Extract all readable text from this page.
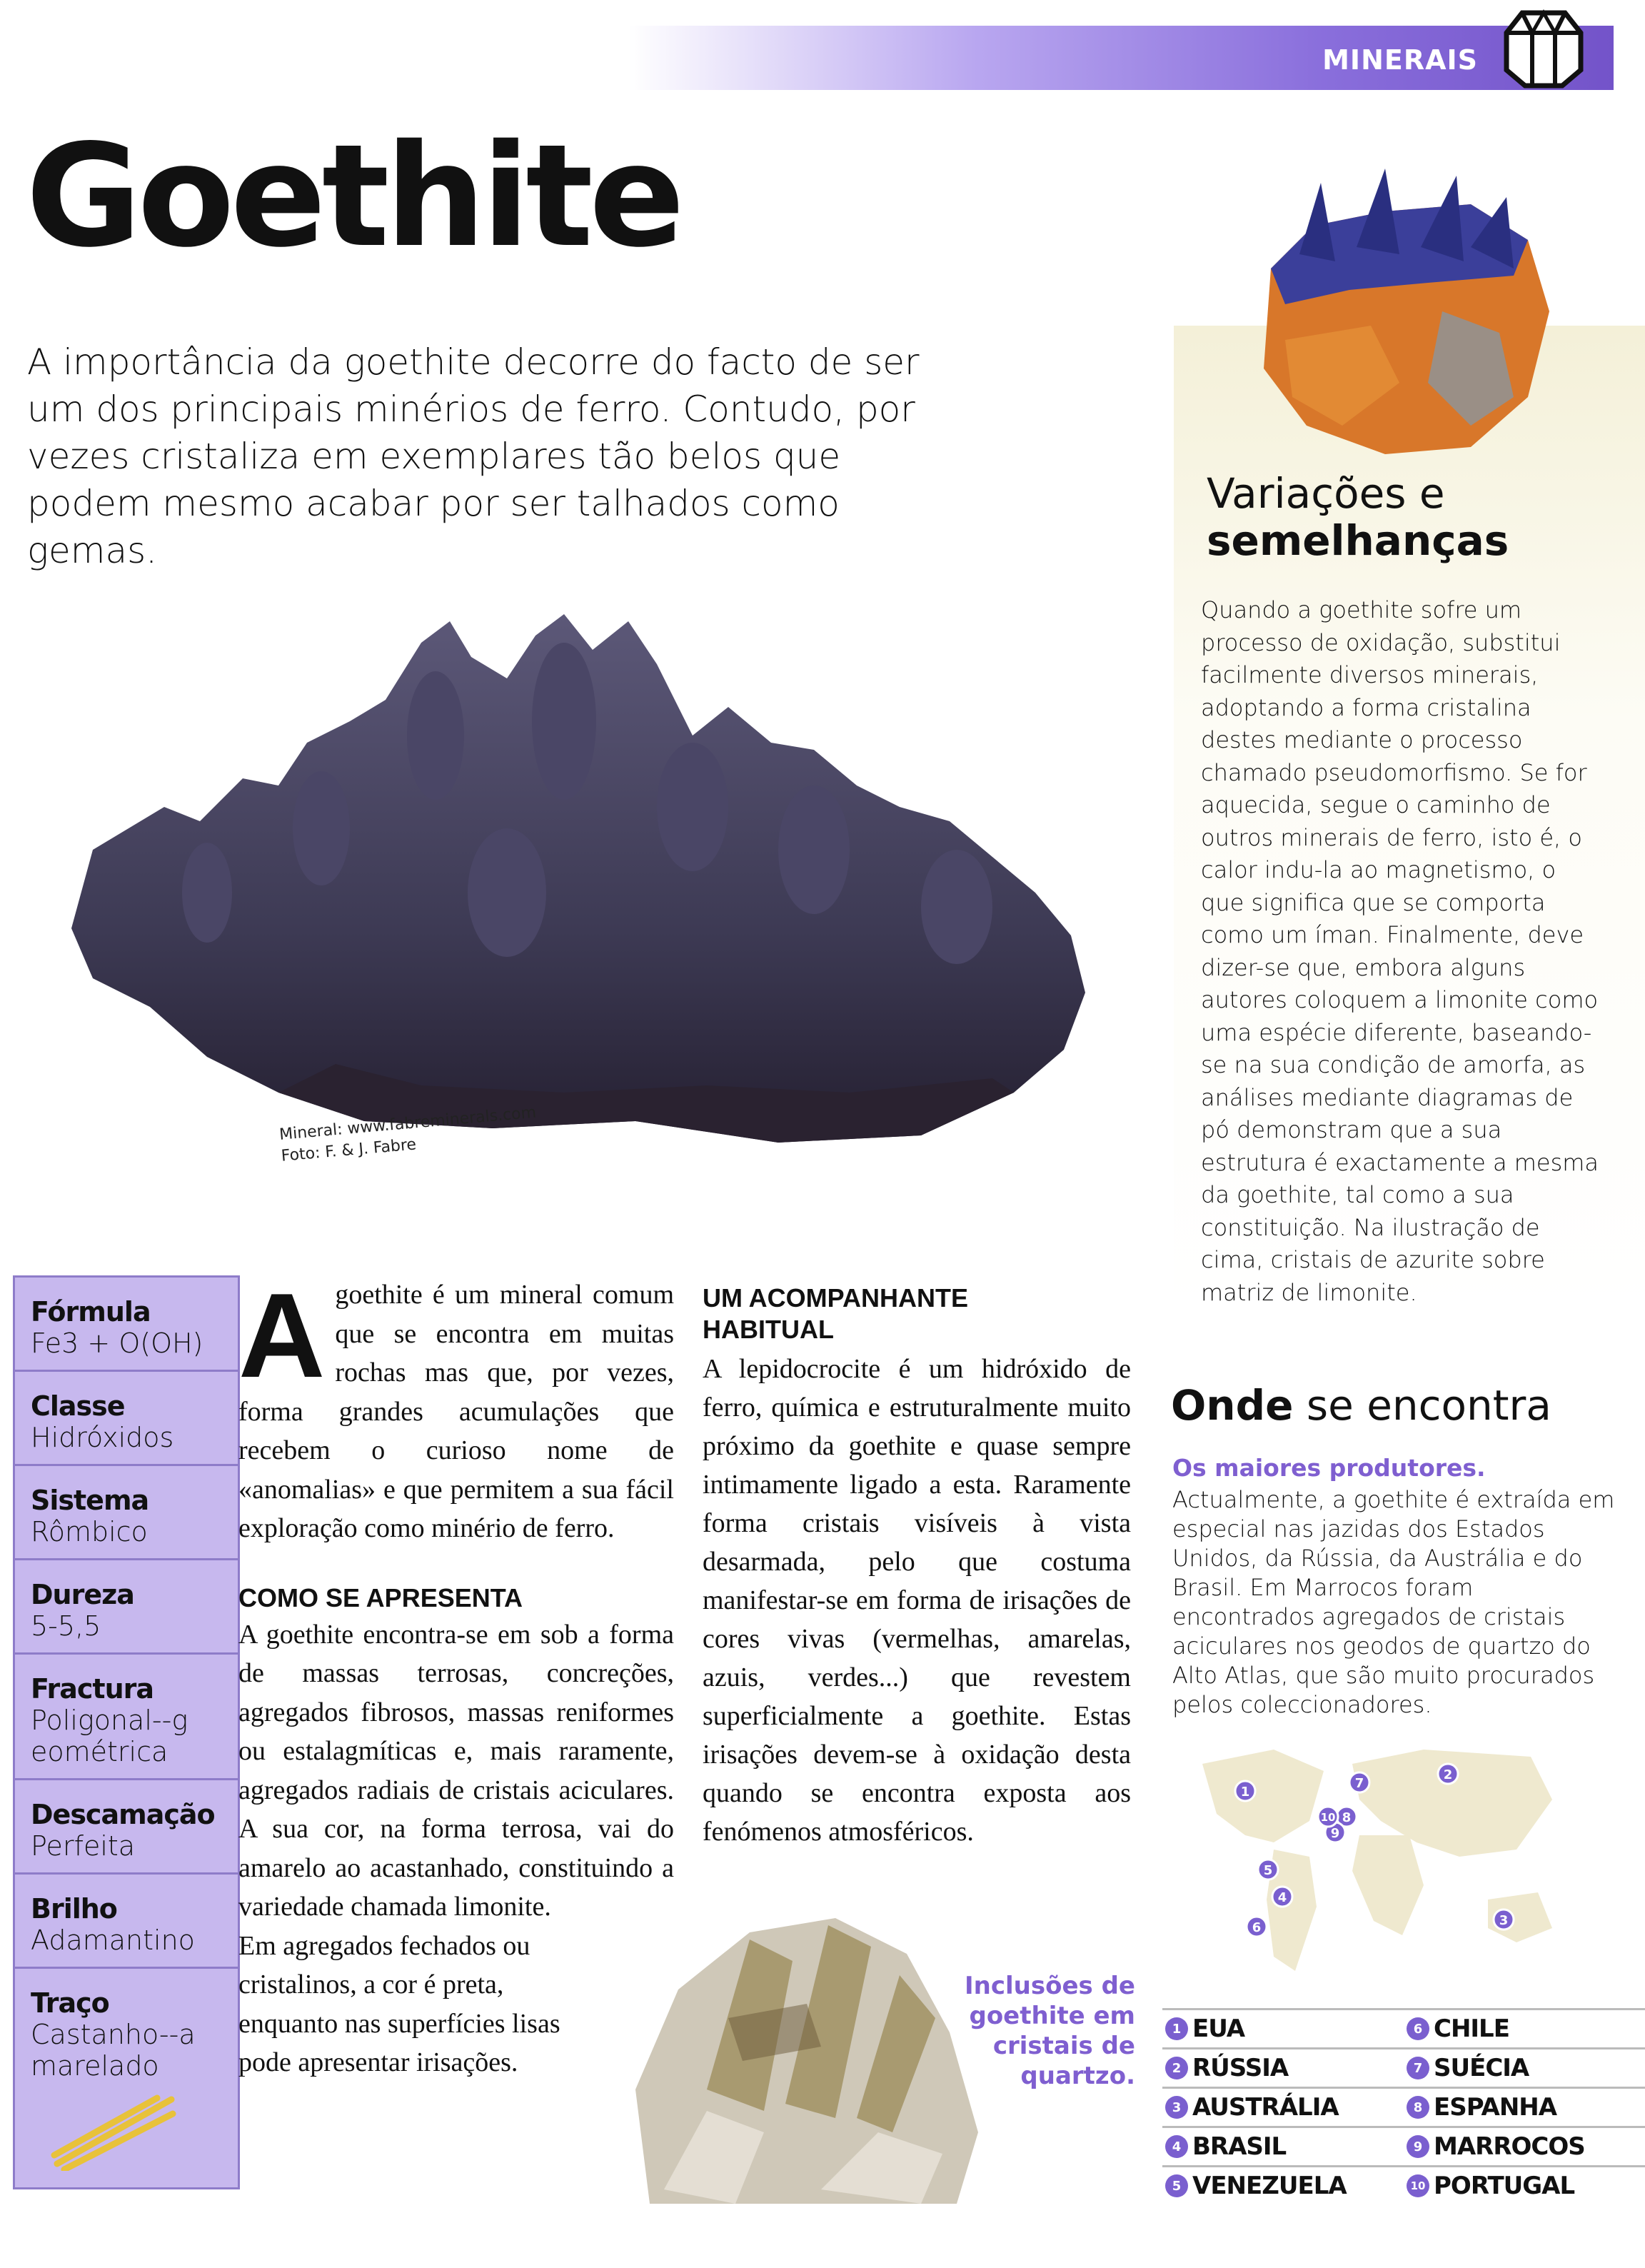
MINERAIS
Goethite

A importância da goethite decorre do facto de ser um dos principais minérios de ferro. Contudo, por vezes cristaliza em exemplares tão belos que podem mesmo acabar por ser talhados como gemas.

Mineral: www.fabreminerals.com
Foto: F. & J. Fabre
Variações e
semelhanças

Quando a goethite sofre um processo de oxidação, substitui facilmente diversos minerais, adoptando a forma cristalina destes mediante o processo chamado pseudomorfismo. Se for aquecida, segue o caminho de outros minerais de ferro, isto é, o calor indu-la ao magnetismo, o que significa que se comporta como um íman. Finalmente, deve dizer-se que, embora alguns autores coloquem a limonite como uma espécie diferente, baseando-se na sua condição de amorfa, as análises mediante diagramas de pó demonstram que a sua estrutura é exactamente a mesma da goethite, tal como a sua constituição. Na ilustração de cima, cristais de azurite sobre matriz de limonite.

Fórmula
Fe3 + O(OH)
Classe
Hidróxidos
Sistema
Rômbico
Dureza
5-5,5
Fractura
Poligonal--geométrica
Descamação
Perfeita
Brilho
Adamantino
Traço
Castanho--amarelado
A goethite é um mineral comum que se encontra em muitas rochas mas que, por vezes, forma grandes acumulações que recebem o curioso nome de «anomalias» e que permitem a sua fácil exploração como minério de ferro.

COMO SE APRESENTA

A goethite encontra-se em sob a forma de massas terrosas, concreções, agregados fibrosos, massas reniformes ou estalagmíticas e, mais raramente, agregados radiais de cristais aciculares. A sua cor, na forma terrosa, vai do amarelo ao acastanhado, constituindo a variedade chamada limonite.

Em agregados fechados ou cristalinos, a cor é preta, enquanto nas superfícies lisas pode apresentar irisações.

UM ACOMPANHANTE HABITUAL

A lepidocrocite é um hidróxido de ferro, química e estruturalmente muito próximo da goethite e quase sempre intimamente ligado a esta. Raramente forma cristais visíveis à vista desarmada, pelo que costuma manifestar-se em forma de irisações de cores vivas (vermelhas, amarelas, azuis, verdes...) que revestem superficialmente a goethite. Estas irisações devem-se à oxidação desta quando se encontra exposta aos fenómenos atmosféricos.

Inclusões de goethite em cristais de quartzo.
Onde se encontra
Os maiores produtores.

Actualmente, a goethite é extraída em especial nas jazidas dos Estados Unidos, da Rússia, da Austrália e do Brasil. Em Marrocos foram encontrados agregados de cristais aciculares nos geodos de quartzo do Alto Atlas, que são muito procurados pelos coleccionadores.

1
2
3
4
5
6
7
8
9
10
1 EUA	6 CHILE
2 RÚSSIA	7 SUÉCIA
3 AUSTRÁLIA	8 ESPANHA
4 BRASIL	9 MARROCOS
5 VENEZUELA	10 PORTUGAL
